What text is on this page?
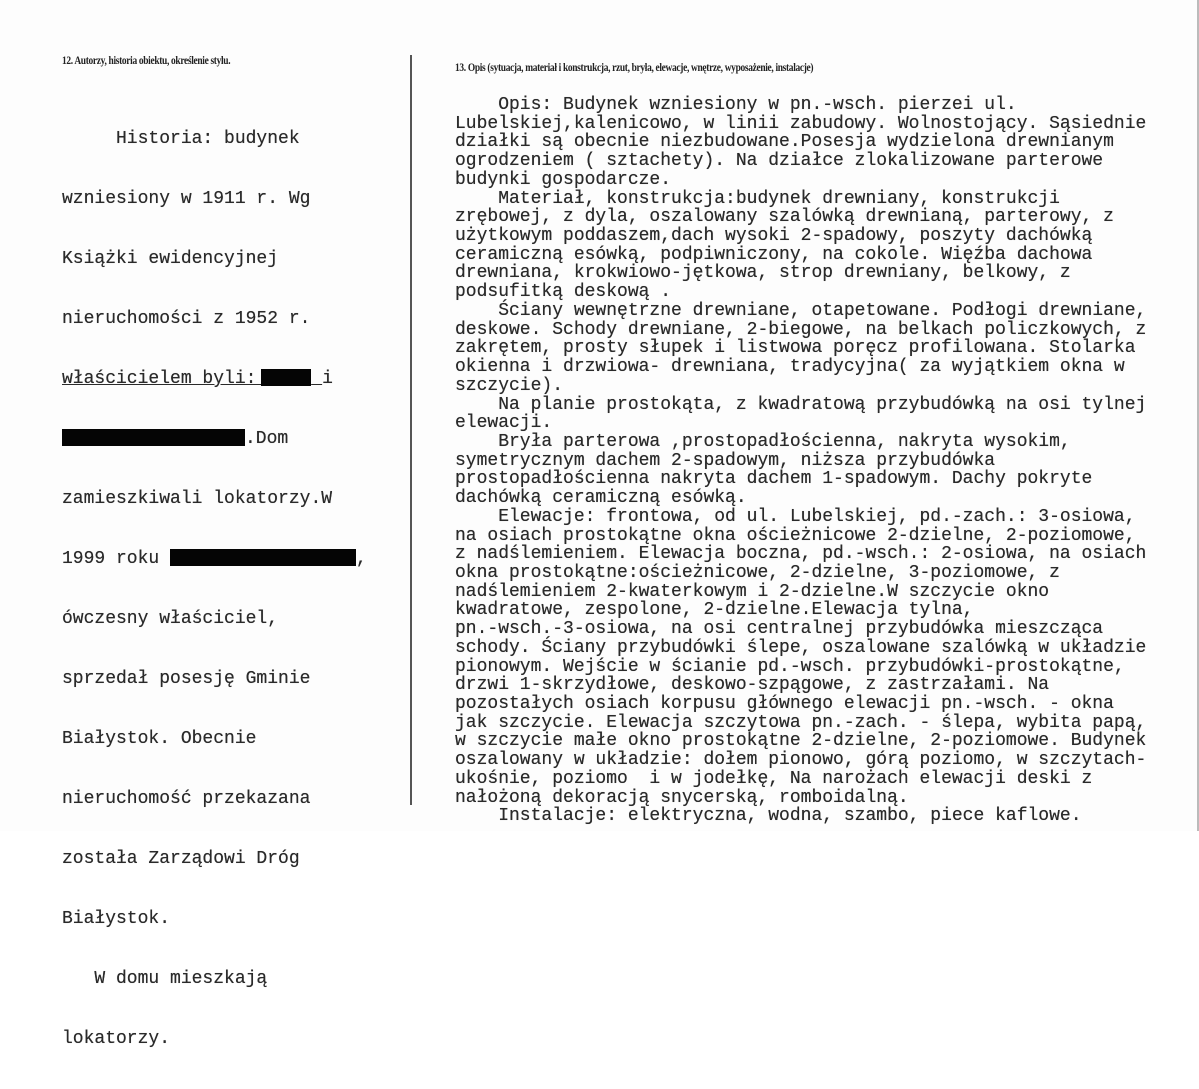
12. Autorzy, historia obiektu, określenie stylu.
13. Opis (sytuacja, materiał i konstrukcja, rzut, bryła, elewacje, wnętrze, wyposażenie, instalacje)

Historia: budynek

wzniesiony w 1911 r. Wg

Książki ewidencyjnej

nieruchomości z 1952 r.

właścicielem byli:	i

.Dom

zamieszkiwali lokatorzy.W

1999 roku	,

ówczesny właściciel,

sprzedał posesję Gminie

Białystok. Obecnie

nieruchomość przekazana

została Zarządowi Dróg

Białystok.

W domu mieszkają

lokatorzy.

Opis: Budynek wzniesiony w pn.-wsch. pierzei ul.
Lubelskiej,kalenicowo, w linii zabudowy. Wolnostojący. Sąsiednie
działki są obecnie niezbudowane.Posesja wydzielona drewnianym
ogrodzeniem ( sztachety). Na działce zlokalizowane parterowe
budynki gospodarcze.
Materiał, konstrukcja:budynek drewniany, konstrukcji
zrębowej, z dyla, oszalowany szalówką drewnianą, parterowy, z
użytkowym poddaszem,dach wysoki 2-spadowy, poszyty dachówką
ceramiczną esówką, podpiwniczony, na cokole. Więźba dachowa
drewniana, krokwiowo-jętkowa, strop drewniany, belkowy, z
podsufitką deskową .
Ściany wewnętrzne drewniane, otapetowane. Podłogi drewniane,
deskowe. Schody drewniane, 2-biegowe, na belkach policzkowych, z
zakrętem, prosty słupek i listwowa poręcz profilowana. Stolarka
okienna i drzwiowa- drewniana, tradycyjna( za wyjątkiem okna w
szczycie).
Na planie prostokąta, z kwadratową przybudówką na osi tylnej
elewacji.
Bryła parterowa ,prostopadłościenna, nakryta wysokim,
symetrycznym dachem 2-spadowym, niższa przybudówka
prostopadłościenna nakryta dachem 1-spadowym. Dachy pokryte
dachówką ceramiczną esówką.
Elewacje: frontowa, od ul. Lubelskiej, pd.-zach.: 3-osiowa,
na osiach prostokątne okna ościeżnicowe 2-dzielne, 2-poziomowe,
z nadślemieniem. Elewacja boczna, pd.-wsch.: 2-osiowa, na osiach
okna prostokątne:ościeżnicowe, 2-dzielne, 3-poziomowe, z
nadślemieniem 2-kwaterkowym i 2-dzielne.W szczycie okno
kwadratowe, zespolone, 2-dzielne.Elewacja tylna,
pn.-wsch.-3-osiowa, na osi centralnej przybudówka mieszcząca
schody. Ściany przybudówki ślepe, oszalowane szalówką w układzie
pionowym. Wejście w ścianie pd.-wsch. przybudówki-prostokątne,
drzwi 1-skrzydłowe, deskowo-szpągowe, z zastrzałami. Na
pozostałych osiach korpusu głównego elewacji pn.-wsch. - okna
jak szczycie. Elewacja szczytowa pn.-zach. - ślepa, wybita papą,
w szczycie małe okno prostokątne 2-dzielne, 2-poziomowe. Budynek
oszalowany w układzie: dołem pionowo, górą poziomo, w szczytach-
ukośnie, poziomo  i w jodełkę, Na narożach elewacji deski z
nałożoną dekoracją snycerską, romboidalną.
Instalacje: elektryczna, wodna, szambo, piece kaflowe.
